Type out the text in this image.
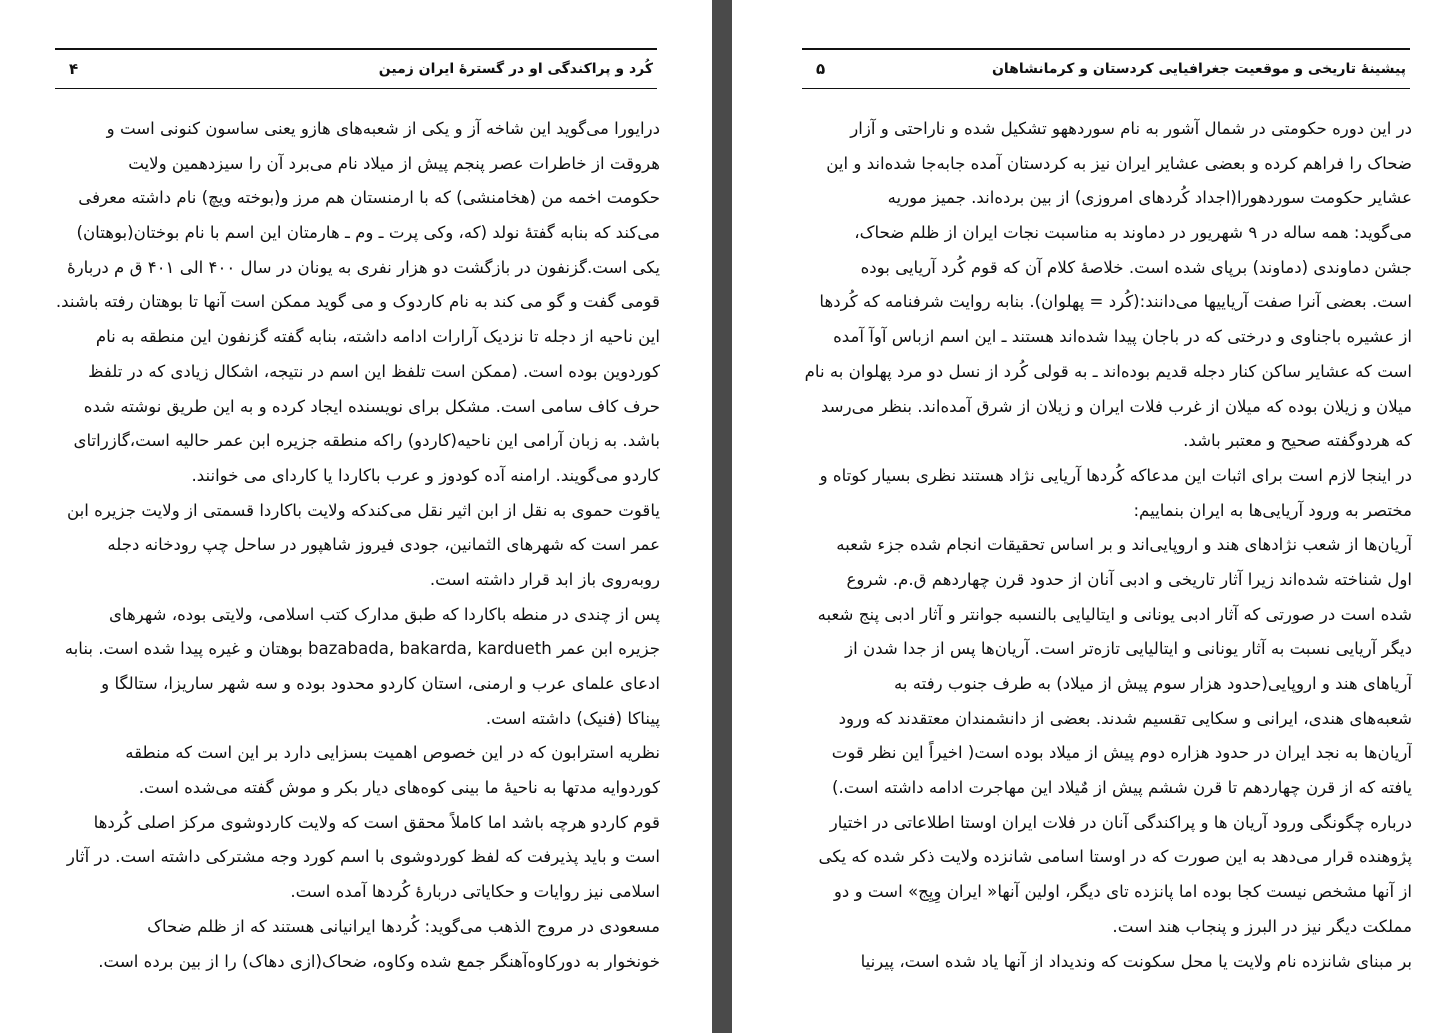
کُرد و پراکندگی او در گسترهٔ ایران زمین
۴
درایورا می‌گوید این شاخه آز و یکی از شعبه‌های هازو یعنی ساسون کنونی است و
هروقت از خاطرات عصر پنجم پیش از میلاد نام می‌برد آن را سیزدهمین ولایت
حکومت اخمه من (هخامنشی) که با ارمنستان هم مرز و(بوخته ویچ) نام داشته معرفی
می‌کند که بنابه گفتهٔ نولد (که، وکی پرت ـ وم ـ هارمتان این اسم با نام بوختان(بوهتان)
یکی است.گزنفون در بازگشت دو هزار نفری به یونان در سال ۴۰۰ الی ۴۰۱ ق م دربارهٔ
قومی گفت و گو می کند به نام کاردوک و می گوید ممکن است آنها تا بوهتان رفته باشند.
این ناحیه از دجله تا نزدیک آرارات ادامه داشته، بنابه گفته گزنفون این منطقه به نام
کوردوین بوده است. (ممکن است تلفظ این اسم در نتیجه، اشکال زیادی که در تلفظ
حرف کاف سامی است. مشکل برای نویسنده ایجاد کرده و به این طریق نوشته شده
باشد. به زبان آرامی این ناحیه(کاردو) راکه منطقه جزیره ابن عمر حالیه است،گازراتای
کاردو می‌گویند. ارامنه آده کودوز و عرب باکاردا یا کاردای می خوانند.
یاقوت حموی به نقل از ابن اثیر نقل می‌کندکه ولایت باکاردا قسمتی از ولایت جزیره ابن
عمر است که شهرهای الثمانین، جودی فیروز شاهپور در ساحل چپ رودخانه دجله
روبه‌روی باز ابد قرار داشته است.
پس از چندی در منطه باکاردا که طبق مدارک کتب اسلامی، ولایتی بوده، شهرهای
جزیره ابن عمر bazabada, bakarda, kardueth بوهتان و غیره پیدا شده است. بنابه
ادعای علمای عرب و ارمنی، استان کاردو محدود بوده و سه شهر ساریزا، ستالگا و
پیناکا (فنیک) داشته است.
نظریه استرابون که در این خصوص اهمیت بسزایی دارد بر این است که منطقه
کوردوایه مدتها به ناحیهٔ ما بینی کوه‌های دیار بکر و موش گفته می‌شده است.
قوم کاردو هرچه باشد اما کاملاً محقق است که ولایت کاردوشوی مرکز اصلی کُردها
است و باید پذیرفت که لفظ کوردوشوی با اسم کورد وجه مشترکی داشته است. در آثار
اسلامی نیز روایات و حکایاتی دربارهٔ کُردها آمده است.
مسعودی در مروج الذهب می‌گوید: کُردها ایرانیانی هستند که از ظلم ضحاک
خونخوار به دورکاوه‌آهنگر جمع شده وکاوه، ضحاک(ازی دهاک) را از بین برده است.
پیشینهٔ تاریخی و موقعیت جغرافیایی کردستان و کرمانشاهان
۵
در این دوره حکومتی در شمال آشور به نام سوردههو تشکیل شده و ناراحتی و آزار
ضحاک را فراهم کرده و بعضی عشایر ایران نیز به کردستان آمده جابه‌جا شده‌اند و این
عشایر حکومت سوردهورا(اجداد کُردهای امروزی) از بین برده‌اند. جمیز موریه
می‌گوید: همه ساله در ۹ شهریور در دماوند به مناسبت نجات ایران از ظلم ضحاک،
جشن دماوندی (دماوند) برپای شده است. خلاصهٔ کلام آن که قوم کُرد آریایی بوده
است. بعضی آنرا صفت آریاییها می‌دانند:(کُرد = پهلوان). بنابه روایت شرفنامه که کُردها
از عشیره باجناوی و درختی که در باجان پیدا شده‌اند هستند ـ این اسم ازباس آوآ آمده
است که عشایر ساکن کنار دجله قدیم بوده‌اند ـ به قولی کُرد از نسل دو مرد پهلوان به نام
میلان و زیلان بوده که میلان از غرب فلات ایران و زیلان از شرق آمده‌اند. بنظر می‌رسد
که هردوگفته صحیح و معتبر باشد.
در اینجا لازم است برای اثبات این مدعاکه کُردها آریایی نژاد هستند نظری بسیار کوتاه و
مختصر به ورود آریایی‌ها به ایران بنماییم:
آریان‌ها از شعب نژادهای هند و اروپایی‌اند و بر اساس تحقیقات انجام شده جزء شعبه
اول شناخته شده‌اند زیرا آثار تاریخی و ادبی آنان از حدود قرن چهاردهم ق.م. شروع
شده است در صورتی که آثار ادبی یونانی و ایتالیایی بالنسبه جوانتر و آثار ادبی پنج شعبه
دیگر آریایی نسبت به آثار یونانی و ایتالیایی تازه‌تر است. آریان‌ها پس از جدا شدن از
آریاهای هند و اروپایی(حدود هزار سوم پیش از میلاد) به طرف جنوب رفته به
شعبه‌های هندی، ایرانی و سکایی تقسیم شدند. بعضی از دانشمندان معتقدند که ورود
آریان‌ها به نجد ایران در حدود هزاره دوم پیش از میلاد بوده است( اخیراً این نظر قوت
یافته که از قرن چهاردهم تا قرن ششم پیش از مٌیلاد این مهاجرت ادامه داشته است.)
درباره چگونگی ورود آریان ها و پراکندگی آنان در فلات ایران اوستا اطلاعاتی در اختیار
پژوهنده قرار می‌دهد به این صورت که در اوستا اسامی شانزده ولایت ذکر شده که یکی
از آنها مشخص نیست کجا بوده اما پانزده تای دیگر، اولین آنها« ایران وِیِج» است و دو
مملکت دیگر نیز در البرز و پنجاب هند است.
بر مبنای شانزده نام ولایت یا محل سکونت که وندیداد از آنها یاد شده است، پیرنیا
